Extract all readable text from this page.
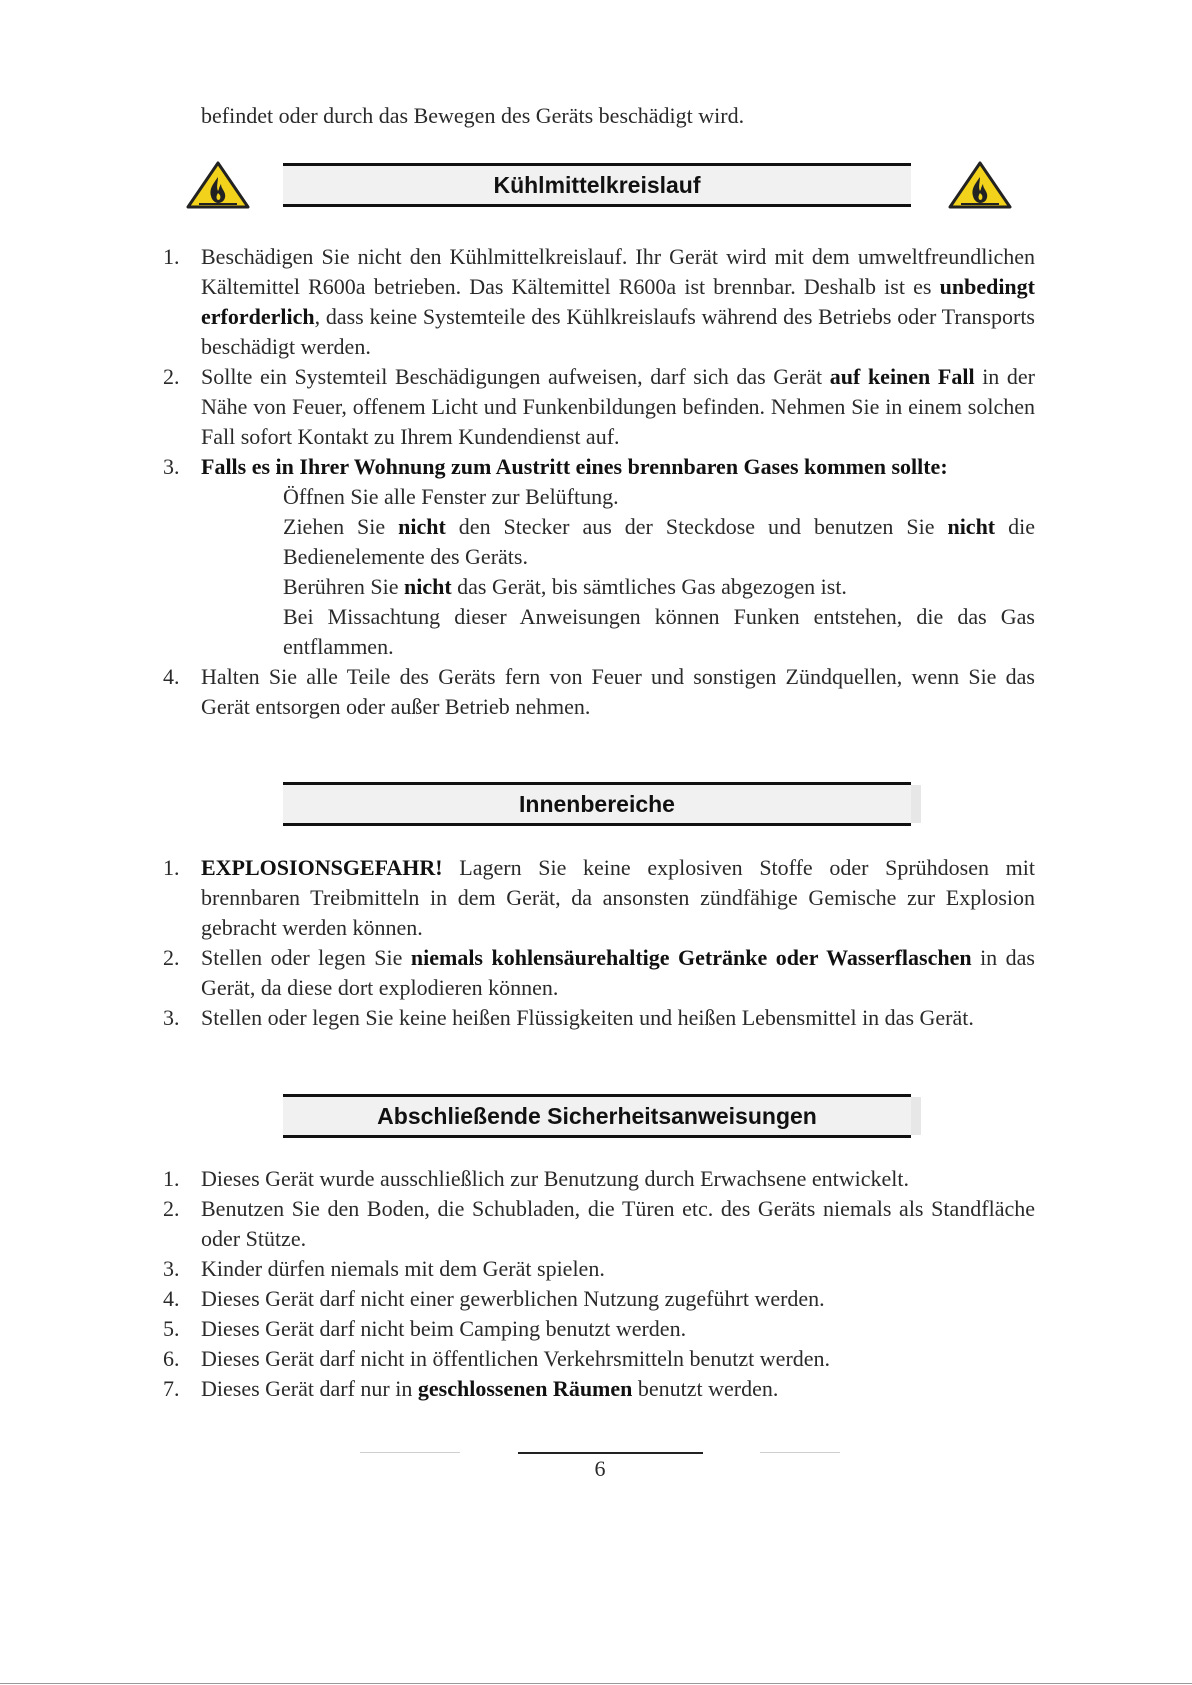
befindet oder durch das Bewegen des Geräts beschädigt wird.
Kühlmittelkreislauf
1. Beschädigen Sie nicht den Kühlmittelkreislauf. Ihr Gerät wird mit dem umweltfreundlichen Kältemittel R600a betrieben. Das Kältemittel R600a ist brennbar. Deshalb ist es unbedingt erforderlich, dass keine Systemteile des Kühlkreislaufs während des Betriebs oder Transports beschädigt werden.
2. Sollte ein Systemteil Beschädigungen aufweisen, darf sich das Gerät auf keinen Fall in der Nähe von Feuer, offenem Licht und Funkenbildungen befinden. Nehmen Sie in einem solchen Fall sofort Kontakt zu Ihrem Kundendienst auf.
3. Falls es in Ihrer Wohnung zum Austritt eines brennbaren Gases kommen sollte:
Öffnen Sie alle Fenster zur Belüftung.
Ziehen Sie nicht den Stecker aus der Steckdose und benutzen Sie nicht die Bedienelemente des Geräts.
Berühren Sie nicht das Gerät, bis sämtliches Gas abgezogen ist.
Bei Missachtung dieser Anweisungen können Funken entstehen, die das Gas entflammen.
4. Halten Sie alle Teile des Geräts fern von Feuer und sonstigen Zündquellen, wenn Sie das Gerät entsorgen oder außer Betrieb nehmen.
Innenbereiche
1. EXPLOSIONSGEFAHR! Lagern Sie keine explosiven Stoffe oder Sprühdosen mit brennbaren Treibmitteln in dem Gerät, da ansonsten zündfähige Gemische zur Explosion gebracht werden können.
2. Stellen oder legen Sie niemals kohlensäurehaltige Getränke oder Wasserflaschen in das Gerät, da diese dort explodieren können.
3. Stellen oder legen Sie keine heißen Flüssigkeiten und heißen Lebensmittel in das Gerät.
Abschließende Sicherheitsanweisungen
1. Dieses Gerät wurde ausschließlich zur Benutzung durch Erwachsene entwickelt.
2. Benutzen Sie den Boden, die Schubladen, die Türen etc. des Geräts niemals als Standfläche oder Stütze.
3. Kinder dürfen niemals mit dem Gerät spielen.
4. Dieses Gerät darf nicht einer gewerblichen Nutzung zugeführt werden.
5. Dieses Gerät darf nicht beim Camping benutzt werden.
6. Dieses Gerät darf nicht in öffentlichen Verkehrsmitteln benutzt werden.
7. Dieses Gerät darf nur in geschlossenen Räumen benutzt werden.
6
